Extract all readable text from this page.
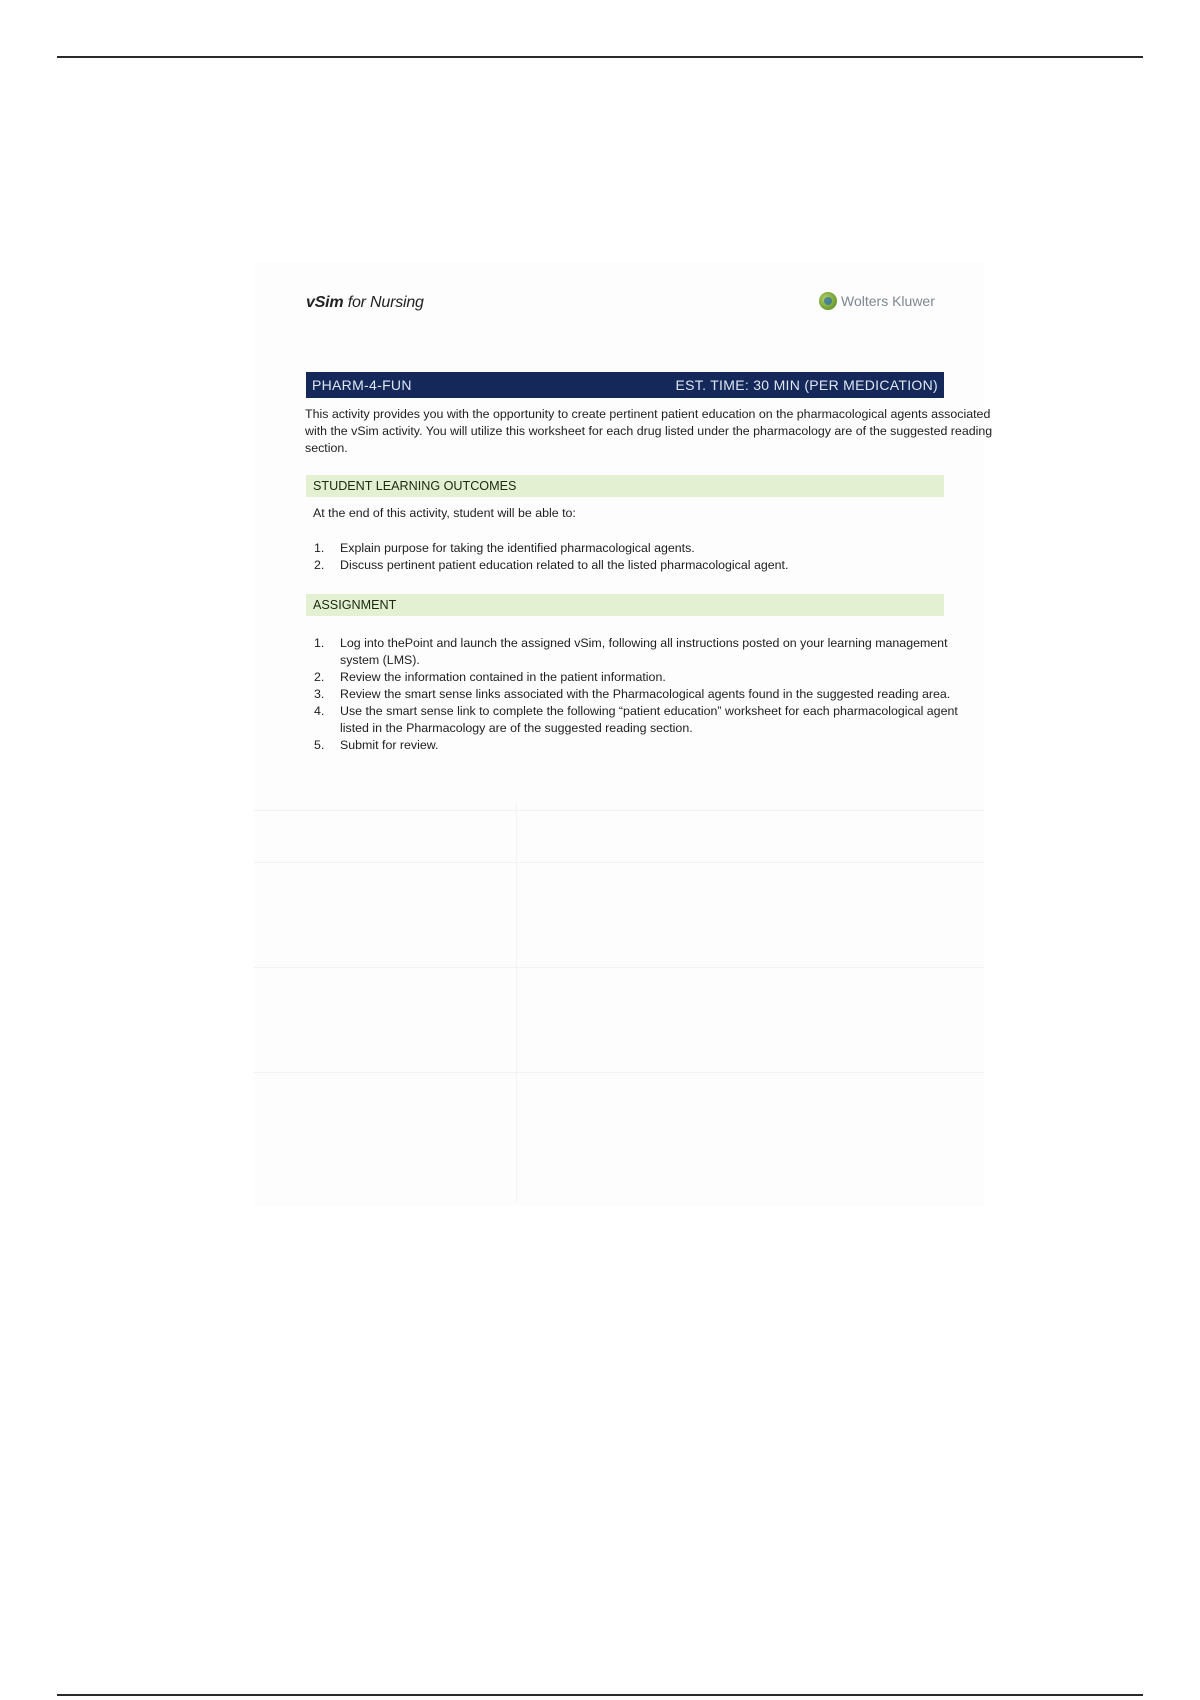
vSim for Nursing	Wolters Kluwer
PHARM-4-FUN	EST. TIME: 30 MIN (PER MEDICATION)
This activity provides you with the opportunity to create pertinent patient education on the pharmacological agents associated with the vSim activity. You will utilize this worksheet for each drug listed under the pharmacology are of the suggested reading section.
STUDENT LEARNING OUTCOMES
At the end of this activity, student will be able to:
1. Explain purpose for taking the identified pharmacological agents.
2. Discuss pertinent patient education related to all the listed pharmacological agent.
ASSIGNMENT
1. Log into thePoint and launch the assigned vSim, following all instructions posted on your learning management system (LMS).
2. Review the information contained in the patient information.
3. Review the smart sense links associated with the Pharmacological agents found in the suggested reading area.
4. Use the smart sense link to complete the following “patient education” worksheet for each pharmacological agent listed in the Pharmacology are of the suggested reading section.
5. Submit for review.
